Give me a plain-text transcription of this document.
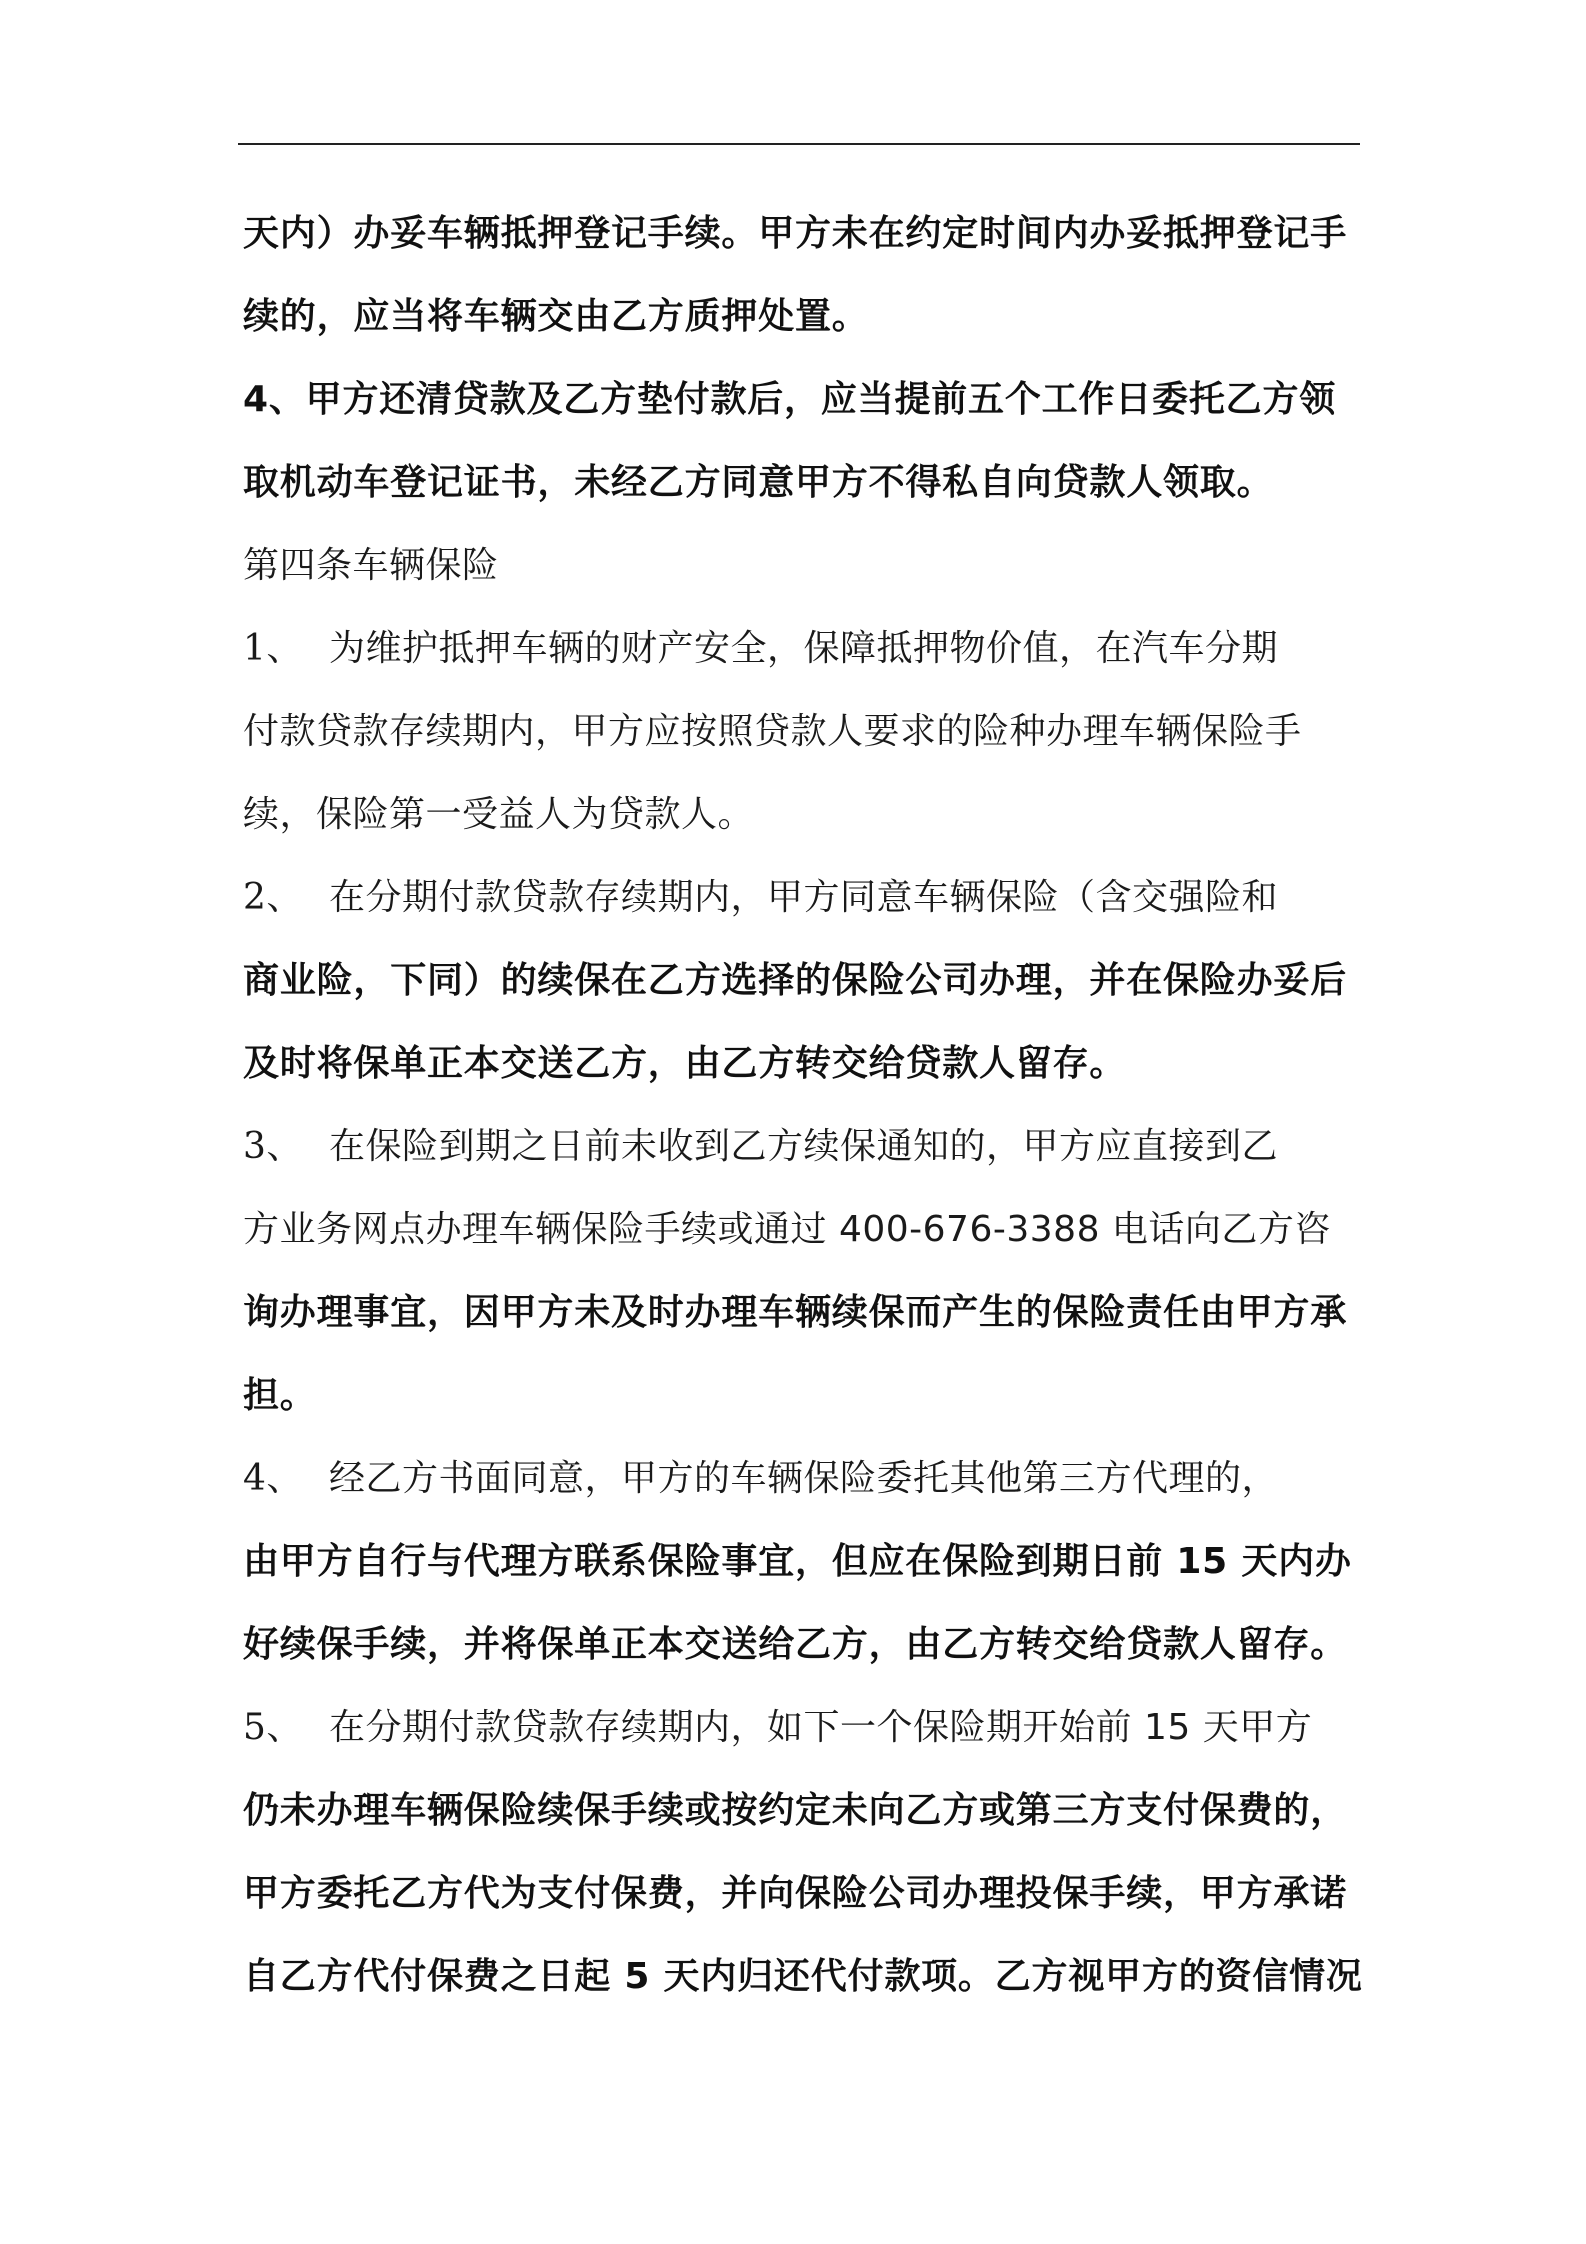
天内）办妥车辆抵押登记手续。甲方未在约定时间内办妥抵押登记手
续的，应当将车辆交由乙方质押处置。
4、甲方还清贷款及乙方垫付款后，应当提前五个工作日委托乙方领
取机动车登记证书，未经乙方同意甲方不得私自向贷款人领取。
第四条车辆保险
1、 为维护抵押车辆的财产安全，保障抵押物价值，在汽车分期
付款贷款存续期内，甲方应按照贷款人要求的险种办理车辆保险手
续，保险第一受益人为贷款人。
2、 在分期付款贷款存续期内，甲方同意车辆保险（含交强险和
商业险，下同）的续保在乙方选择的保险公司办理，并在保险办妥后
及时将保单正本交送乙方，由乙方转交给贷款人留存。
3、 在保险到期之日前未收到乙方续保通知的，甲方应直接到乙
方业务网点办理车辆保险手续或通过 400-676-3388 电话向乙方咨
询办理事宜，因甲方未及时办理车辆续保而产生的保险责任由甲方承
担。
4、 经乙方书面同意，甲方的车辆保险委托其他第三方代理的，
由甲方自行与代理方联系保险事宜，但应在保险到期日前 15 天内办
好续保手续，并将保单正本交送给乙方，由乙方转交给贷款人留存。
5、 在分期付款贷款存续期内，如下一个保险期开始前 15 天甲方
仍未办理车辆保险续保手续或按约定未向乙方或第三方支付保费的，
甲方委托乙方代为支付保费，并向保险公司办理投保手续，甲方承诺
自乙方代付保费之日起 5 天内归还代付款项。乙方视甲方的资信情况
